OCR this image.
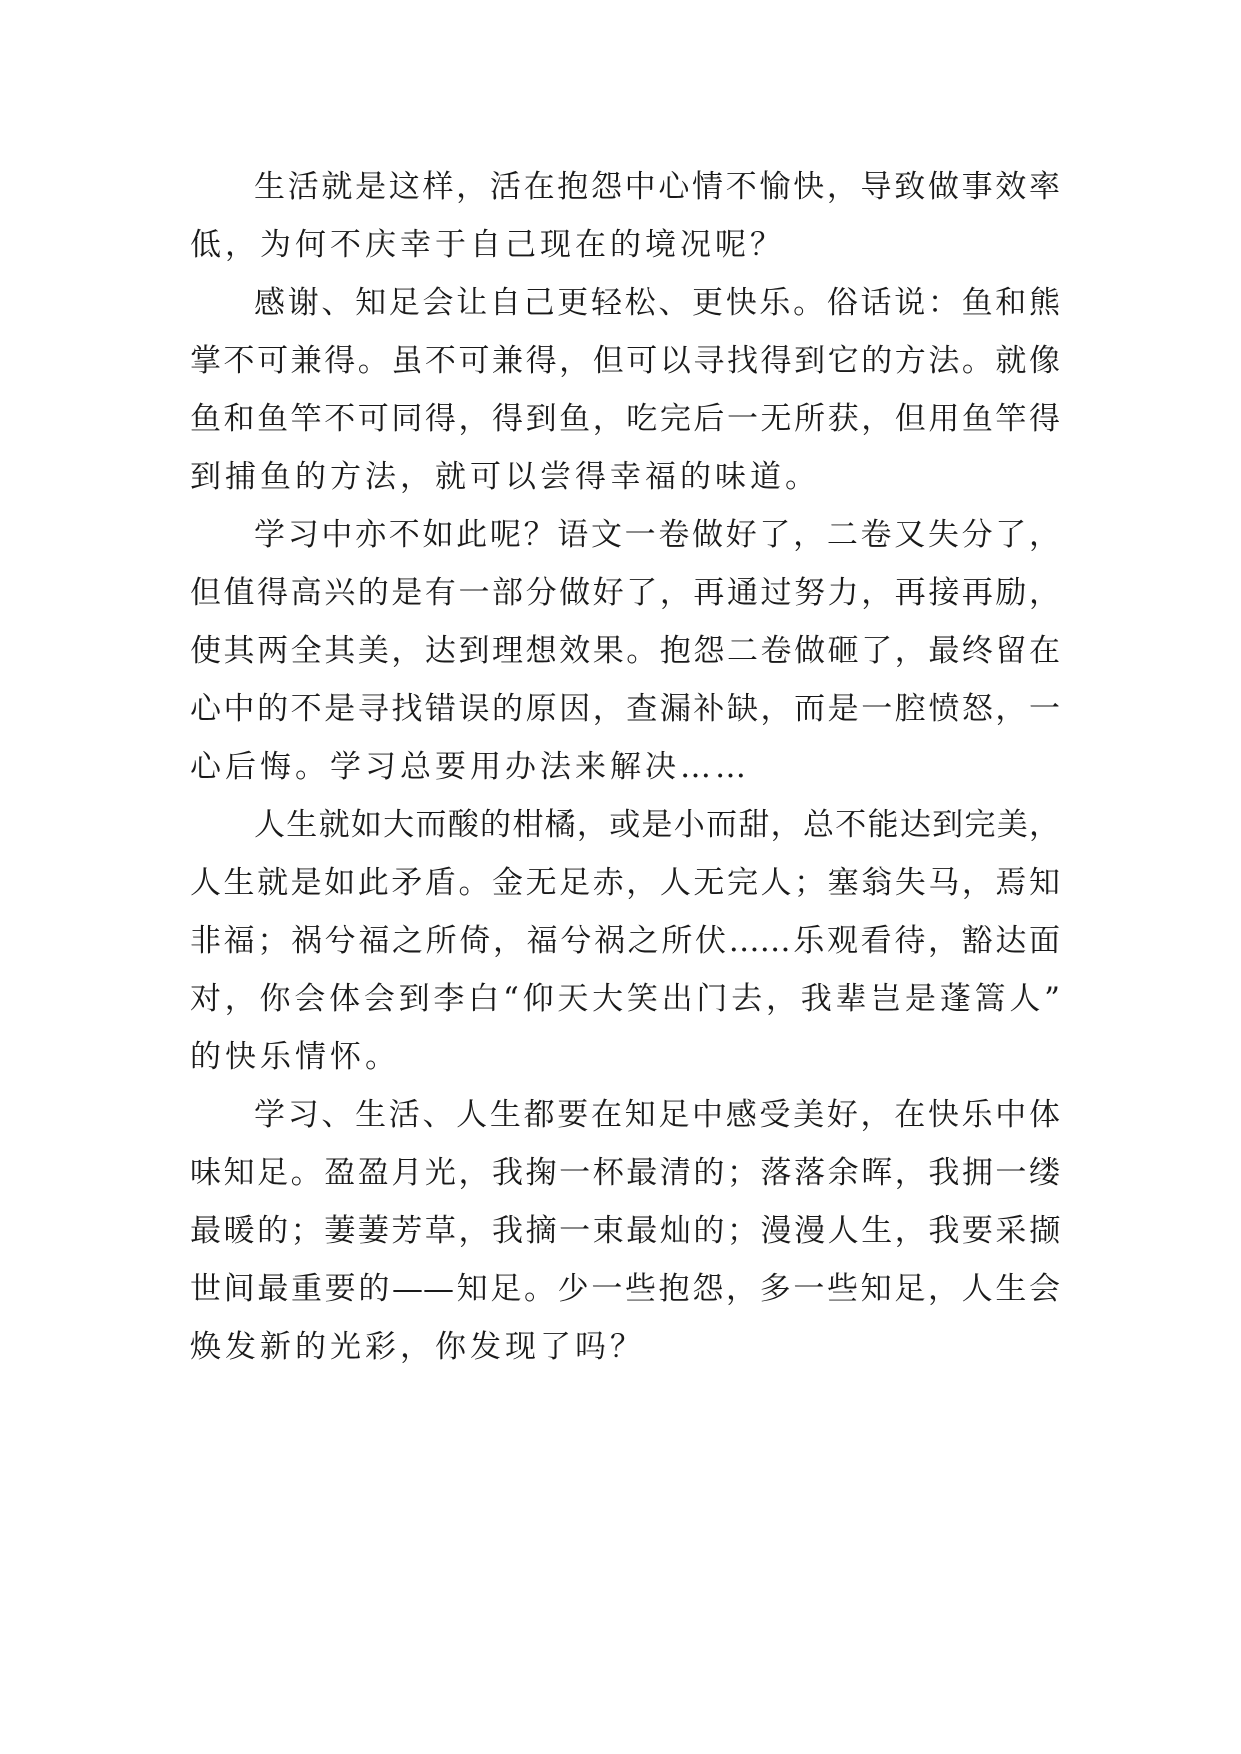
生活就是这样，活在抱怨中心情不愉快，导致做事效率
低，为何不庆幸于自己现在的境况呢？
感谢、知足会让自己更轻松、更快乐。俗话说：鱼和熊
掌不可兼得。虽不可兼得，但可以寻找得到它的方法。就像
鱼和鱼竿不可同得，得到鱼，吃完后一无所获，但用鱼竿得
到捕鱼的方法，就可以尝得幸福的味道。
学习中亦不如此呢？语文一卷做好了，二卷又失分了，
但值得高兴的是有一部分做好了，再通过努力，再接再励，
使其两全其美，达到理想效果。抱怨二卷做砸了，最终留在
心中的不是寻找错误的原因，查漏补缺，而是一腔愤怒，一
心后悔。学习总要用办法来解决……
人生就如大而酸的柑橘，或是小而甜，总不能达到完美，
人生就是如此矛盾。金无足赤，人无完人；塞翁失马，焉知
非福；祸兮福之所倚，福兮祸之所伏……乐观看待，豁达面
对，你会体会到李白“仰天大笑出门去，我辈岂是蓬篙人”
的快乐情怀。
学习、生活、人生都要在知足中感受美好，在快乐中体
味知足。盈盈月光，我掬一杯最清的；落落余晖，我拥一缕
最暖的；萋萋芳草，我摘一束最灿的；漫漫人生，我要采撷
世间最重要的——知足。少一些抱怨，多一些知足，人生会
焕发新的光彩，你发现了吗？
